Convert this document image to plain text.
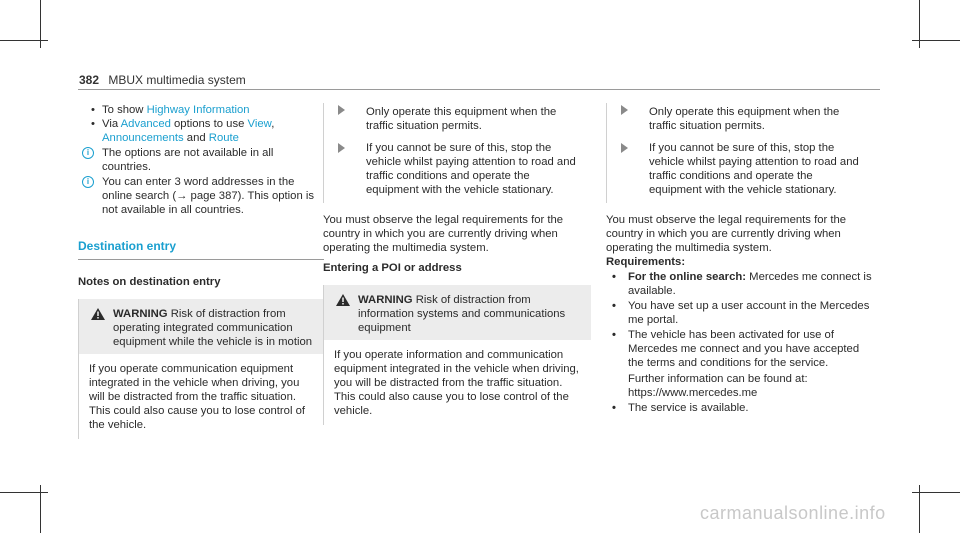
382 MBUX multimedia system

• To show Highway Information

• Via Advanced options to use View,
Announcements and Route

i	The options are not available in all countries.

i	You can enter 3 word addresses in the online search (→ page 387). This option is not available in all countries.

Destination entry
Notes on destination entry
WARNING Risk of distraction from operating integrated communication equipment while the vehicle is in motion

If you operate communication equipment integrated in the vehicle when driving, you will be distracted from the traffic situation. This could also cause you to lose control of the vehicle.

Only operate this equipment when the traffic situation permits.

If you cannot be sure of this, stop the vehicle whilst paying attention to road and traffic conditions and operate the equipment with the vehicle stationary.

You must observe the legal requirements for the country in which you are currently driving when operating the multimedia system.

Entering a POI or address
WARNING Risk of distraction from information systems and communications equipment

If you operate information and communication equipment integrated in the vehicle when driving, you will be distracted from the traffic situation. This could also cause you to lose control of the vehicle.

Only operate this equipment when the traffic situation permits.

If you cannot be sure of this, stop the vehicle whilst paying attention to road and traffic conditions and operate the equipment with the vehicle stationary.

You must observe the legal requirements for the country in which you are currently driving when operating the multimedia system.

Requirements:

• For the online search: Mercedes me connect is available.

• You have set up a user account in the Mercedes me portal.

• The vehicle has been activated for use of Mercedes me connect and you have accepted the terms and conditions for the service.

Further information can be found at:

https://www.mercedes.me

• The service is available.

carmanualsonline.info
